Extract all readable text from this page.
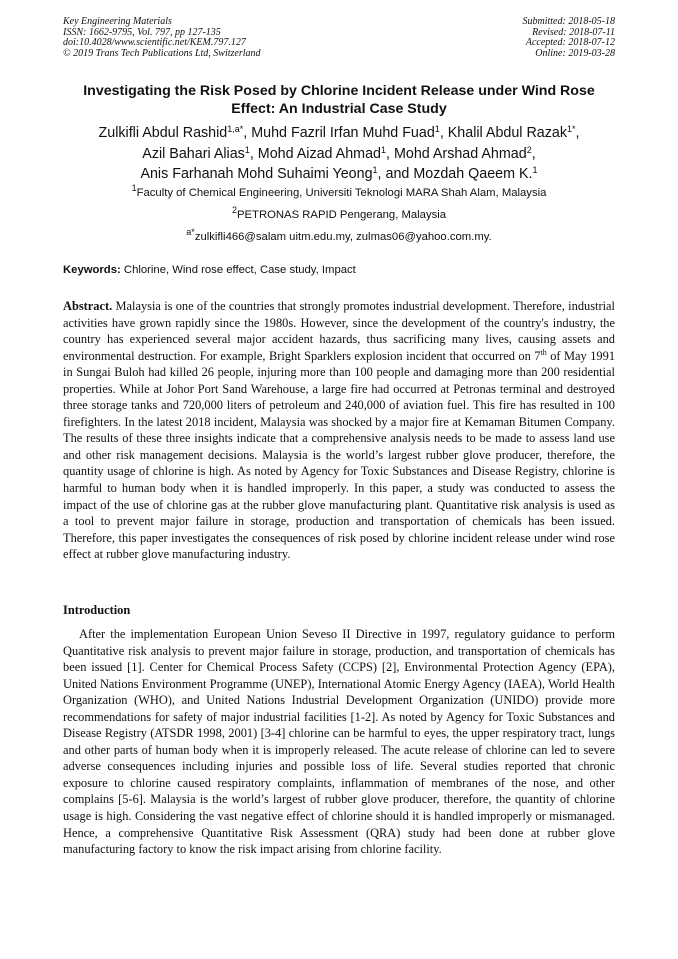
Key Engineering Materials
ISSN: 1662-9795, Vol. 797, pp 127-135
doi:10.4028/www.scientific.net/KEM.797.127
© 2019 Trans Tech Publications Ltd, Switzerland
Submitted: 2018-05-18
Revised: 2018-07-11
Accepted: 2018-07-12
Online: 2019-03-28
Investigating the Risk Posed by Chlorine Incident Release under Wind Rose Effect: An Industrial Case Study
Zulkifli Abdul Rashid$^{1,a*}$, Muhd Fazril Irfan Muhd Fuad$^1$, Khalil Abdul Razak$^{1*}$,
Azil Bahari Alias$^1$, Mohd Aizad Ahmad$^1$, Mohd Arshad Ahmad$^2$,
Anis Farhanah Mohd Suhaimi Yeong$^1$, and Mozdah Qaeem K.$^1$
$^1$Faculty of Chemical Engineering, Universiti Teknologi MARA Shah Alam, Malaysia
$^2$PETRONAS RAPID Pengerang, Malaysia
$^{a*}$zulkifli466@salam uitm.edu.my, zulmas06@yahoo.com.my.
Keywords: Chlorine, Wind rose effect, Case study, Impact
Abstract. Malaysia is one of the countries that strongly promotes industrial development. Therefore, industrial activities have grown rapidly since the 1980s. However, since the development of the country's industry, the country has experienced several major accident hazards, thus sacrificing many lives, causing assets and environmental destruction. For example, Bright Sparklers explosion incident that occurred on 7th of May 1991 in Sungai Buloh had killed 26 people, injuring more than 100 people and damaging more than 200 residential properties. While at Johor Port Sand Warehouse, a large fire had occurred at Petronas terminal and destroyed three storage tanks and 720,000 liters of petroleum and 240,000 of aviation fuel. This fire has resulted in 100 firefighters. In the latest 2018 incident, Malaysia was shocked by a major fire at Kemaman Bitumen Company. The results of these three insights indicate that a comprehensive analysis needs to be made to assess land use and other risk management decisions. Malaysia is the world’s largest rubber glove producer, therefore, the quantity usage of chlorine is high. As noted by Agency for Toxic Substances and Disease Registry, chlorine is harmful to human body when it is handled improperly. In this paper, a study was conducted to assess the impact of the use of chlorine gas at the rubber glove manufacturing plant. Quantitative risk analysis is used as a tool to prevent major failure in storage, production and transportation of chemicals has been issued. Therefore, this paper investigates the consequences of risk posed by chlorine incident release under wind rose effect at rubber glove manufacturing industry.
Introduction
After the implementation European Union Seveso II Directive in 1997, regulatory guidance to perform Quantitative risk analysis to prevent major failure in storage, production, and transportation of chemicals has been issued [1]. Center for Chemical Process Safety (CCPS) [2], Environmental Protection Agency (EPA), United Nations Environment Programme (UNEP), International Atomic Energy Agency (IAEA), World Health Organization (WHO), and United Nations Industrial Development Organization (UNIDO) provide more recommendations for safety of major industrial facilities [1-2]. As noted by Agency for Toxic Substances and Disease Registry (ATSDR 1998, 2001) [3-4] chlorine can be harmful to eyes, the upper respiratory tract, lungs and other parts of human body when it is improperly released. The acute release of chlorine can led to severe adverse consequences including injuries and possible loss of life. Several studies reported that chronic exposure to chlorine caused respiratory complaints, inflammation of membranes of the nose, and other complains [5-6]. Malaysia is the world’s largest of rubber glove producer, therefore, the quantity of chlorine usage is high. Considering the vast negative effect of chlorine should it is handled improperly or mismanaged. Hence, a comprehensive Quantitative Risk Assessment (QRA) study had been done at rubber glove manufacturing factory to know the risk impact arising from chlorine facility.
